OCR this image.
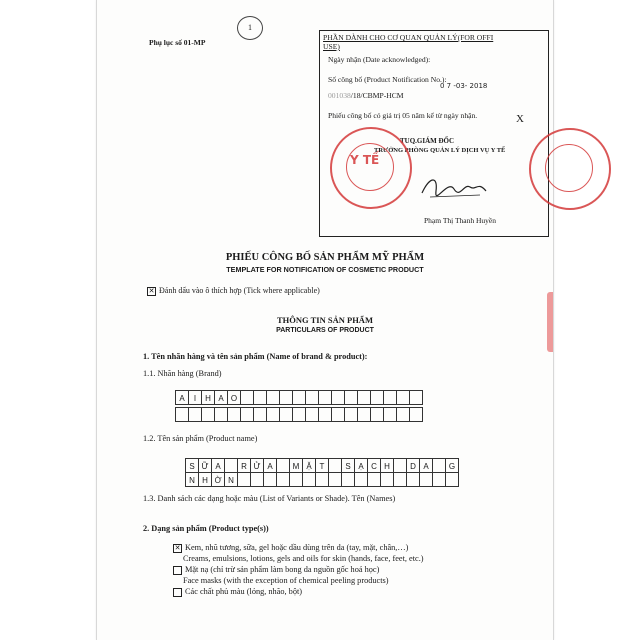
Phụ lục số 01-MP
1
PHẦN DÀNH CHO CƠ QUAN QUẢN LÝ(FOR OFFI
USE)
Ngày nhận (Date acknowledged):
Số công bố (Product Notification No.):
0 7 -03- 2018
001038/18/CBMP-HCM
Phiếu công bố có giá trị 05 năm kể từ ngày nhận.	X
TUQ.GIÁM ĐỐC
TRƯỞNG PHÒNG QUẢN LÝ DỊCH VỤ Y TẾ
Phạm Thị Thanh Huyền
Y TẾ
PHIẾU CÔNG BỐ SẢN PHẨM MỸ PHẨM
TEMPLATE FOR NOTIFICATION OF COSMETIC PRODUCT
✕ Đánh dấu vào ô thích hợp (Tick where applicable)
THÔNG TIN SẢN PHẨM
PARTICULARS OF PRODUCT
1. Tên nhãn hàng và tên sản phẩm (Name of brand & product):
1.1. Nhãn hàng (Brand)
A	I	H A O
1.2. Tên sản phẩm (Product name)
S Ữ A	R Ử A	M Ặ T	S Ạ C H	D A	G
N H Ờ N
1.3. Danh sách các dạng hoặc màu (List of Variants or Shade). Tên (Names)
2. Dạng sản phẩm (Product type(s))
✕ Kem, nhũ tương, sữa, gel hoặc dầu dùng trên da (tay, mặt, chân,…)
Creams, emulsions, lotions, gels and oils for skin (hands, face, feet, etc.)
Mặt nạ (chỉ trừ sản phẩm làm bong da nguồn gốc hoá học)
Face masks (with the exception of chemical peeling products)
Các chất phủ màu (lỏng, nhão, bột)
